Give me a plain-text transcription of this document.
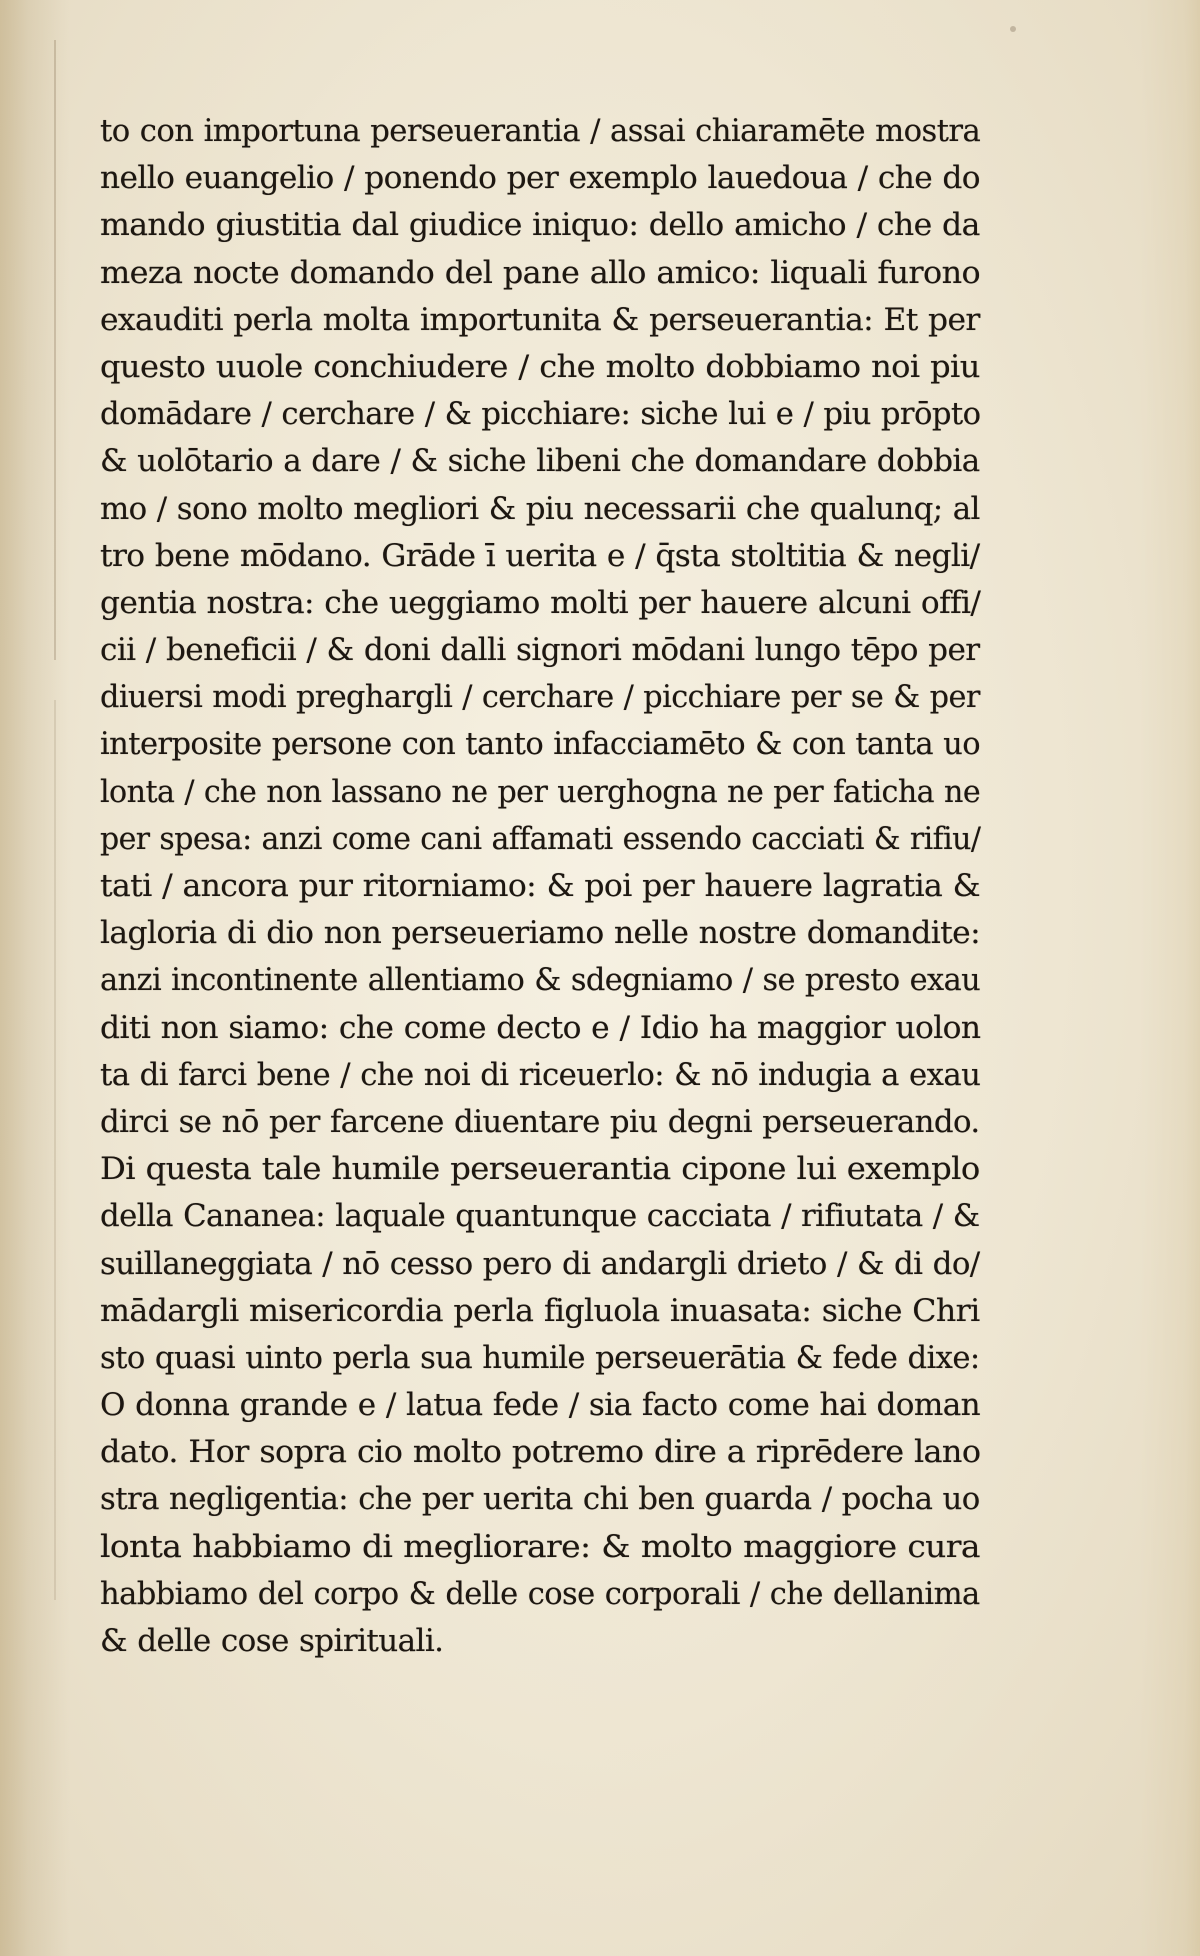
to con importuna perseuerantia / assai chiaramēte mostra
nello euangelio / ponendo per exemplo lauedoua / che do
mando giustitia dal giudice iniquo: dello amicho / che da
meza nocte domando del pane allo amico: liquali furono
exauditi perla molta importunita & perseuerantia: Et per
questo uuole conchiudere / che molto dobbiamo noi piu
domādare / cerchare / & picchiare: siche lui e / piu prōpto
& uolōtario a dare / & siche libeni che domandare dobbia
mo / sono molto megliori & piu necessarii che qualunq; al
tro bene mōdano. Grāde ī uerita e / q̄sta stoltitia & negli/
gentia nostra: che ueggiamo molti per hauere alcuni offi/
cii / beneficii / & doni dalli signori mōdani lungo tēpo per
diuersi modi preghargli / cerchare / picchiare per se & per
interposite persone con tanto infacciamēto & con tanta uo
lonta / che non lassano ne per uerghogna ne per faticha ne
per spesa: anzi come cani affamati essendo cacciati & rifiu/
tati / ancora pur ritorniamo: & poi per hauere lagratia &
lagloria di dio non perseueriamo nelle nostre domandite:
anzi incontinente allentiamo & sdegniamo / se presto exau
diti non siamo: che come decto e / Idio ha maggior uolon
ta di farci bene / che noi di riceuerlo: & nō indugia a exau
dirci se nō per farcene diuentare piu degni perseuerando.
Di questa tale humile perseuerantia cipone lui exemplo
della Cananea: laquale quantunque cacciata / rifiutata / &
suillaneggiata / nō cesso pero di andargli drieto / & di do/
mādargli misericordia perla figluola inuasata: siche Chri
sto quasi uinto perla sua humile perseuerātia & fede dixe:
O donna grande e / latua fede / sia facto come hai doman
dato. Hor sopra cio molto potremo dire a riprēdere lano
stra negligentia: che per uerita chi ben guarda / pocha uo
lonta habbiamo di megliorare: & molto maggiore cura
habbiamo del corpo & delle cose corporali / che dellanima
& delle cose spirituali.
